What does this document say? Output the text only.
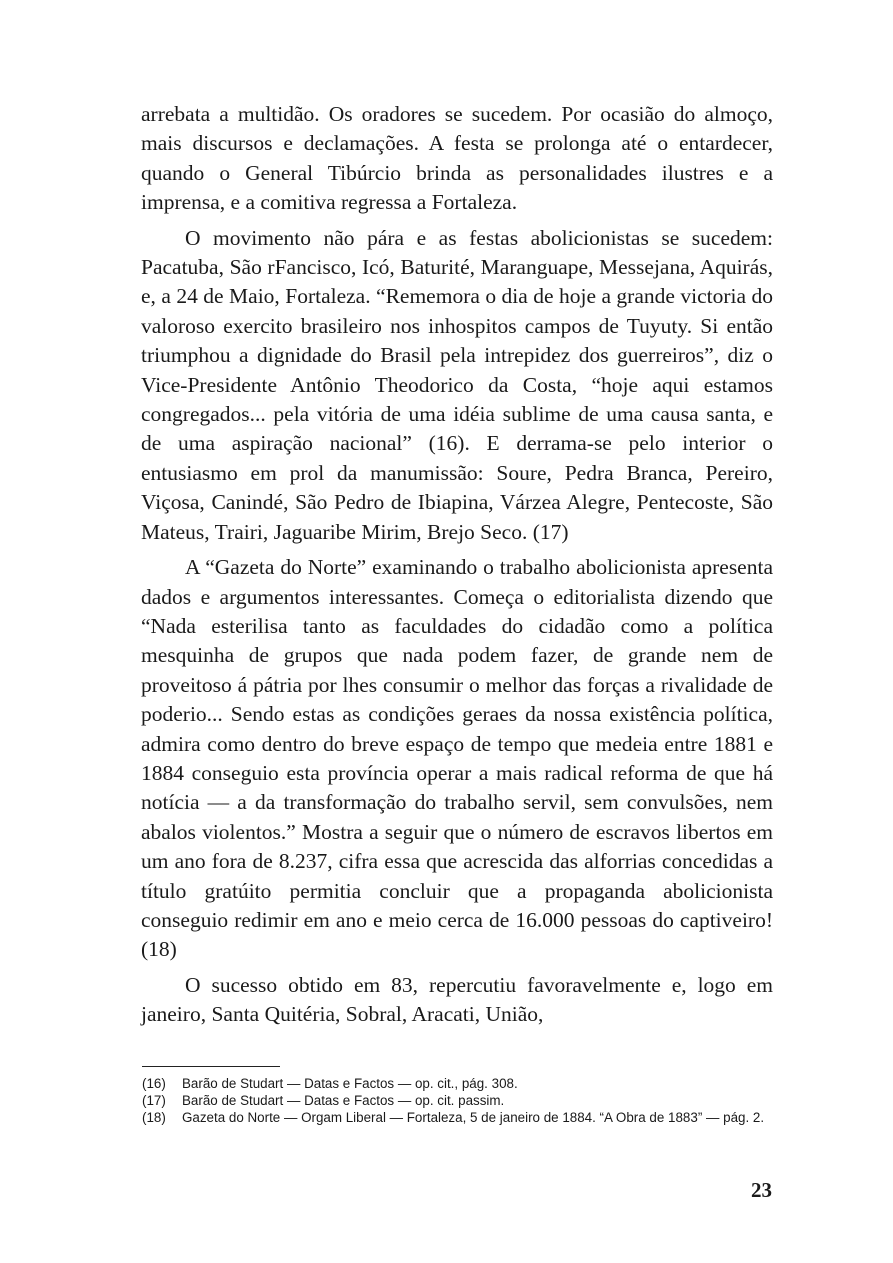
arrebata a multidão. Os oradores se sucedem. Por ocasião do almoço, mais discursos e declamações. A festa se prolonga até o entardecer, quando o General Tibúrcio brinda as personalidades ilustres e a imprensa, e a comitiva regressa a Fortaleza.

O movimento não pára e as festas abolicionistas se sucedem: Pacatuba, São rFancisco, Icó, Baturité, Maranguape, Messejana, Aquirás, e, a 24 de Maio, Fortaleza. “Rememora o dia de hoje a grande victoria do valoroso exercito brasileiro nos inhospitos campos de Tuyuty. Si então triumphou a dignidade do Brasil pela intrepidez dos guerreiros”, diz o Vice-Presidente Antônio Theodorico da Costa, “hoje aqui estamos congregados... pela vitória de uma idéia sublime de uma causa santa, e de uma aspiração nacional” (16). E derrama-se pelo interior o entusiasmo em prol da manumissão: Soure, Pedra Branca, Pereiro, Viçosa, Canindé, São Pedro de Ibiapina, Várzea Alegre, Pentecoste, São Mateus, Trairi, Jaguaribe Mirim, Brejo Seco. (17)

A “Gazeta do Norte” examinando o trabalho abolicionista apresenta dados e argumentos interessantes. Começa o editorialista dizendo que “Nada esterilisa tanto as faculdades do cidadão como a política mesquinha de grupos que nada podem fazer, de grande nem de proveitoso á pátria por lhes consumir o melhor das forças a rivalidade de poderio... Sendo estas as condições geraes da nossa existência política, admira como dentro do breve espaço de tempo que medeia entre 1881 e 1884 conseguio esta província operar a mais radical reforma de que há notícia — a da transformação do trabalho servil, sem convulsões, nem abalos violentos.” Mostra a seguir que o número de escravos libertos em um ano fora de 8.237, cifra essa que acrescida das alforrias concedidas a título gratúito permitia concluir que a propaganda abolicionista conseguio redimir em ano e meio cerca de 16.000 pessoas do captiveiro! (18)

O sucesso obtido em 83, repercutiu favoravelmente e, logo em janeiro, Santa Quitéria, Sobral, Aracati, União,

(16)	Barão de Studart — Datas e Factos — op. cit., pág. 308.
(17)	Barão de Studart — Datas e Factos — op. cit. passim.
(18)	Gazeta do Norte — Orgam Liberal — Fortaleza, 5 de janeiro de 1884. “A Obra de 1883” — pág. 2.
23
